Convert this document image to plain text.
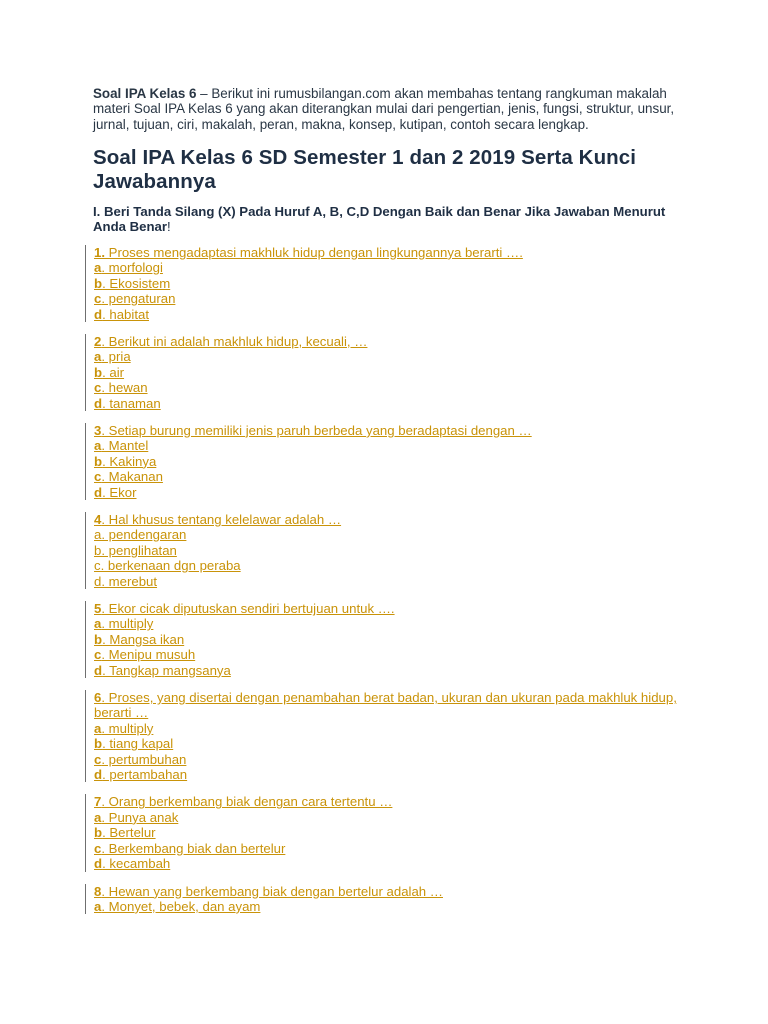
Soal IPA Kelas 6 – Berikut ini rumusbilangan.com akan membahas tentang rangkuman makalah materi Soal IPA Kelas 6 yang akan diterangkan mulai dari pengertian, jenis, fungsi, struktur, unsur, jurnal, tujuan, ciri, makalah, peran, makna, konsep, kutipan, contoh secara lengkap.

Soal IPA Kelas 6 SD Semester 1 dan 2 2019 Serta Kunci Jawabannya

I. Beri Tanda Silang (X) Pada Huruf A, B, C,D Dengan Baik dan Benar Jika Jawaban Menurut Anda Benar!

1. Proses mengadaptasi makhluk hidup dengan lingkungannya berarti ….
a. morfologi
b. Ekosistem
c. pengaturan
d. habitat
2. Berikut ini adalah makhluk hidup, kecuali, …
a. pria
b. air
c. hewan
d. tanaman
3. Setiap burung memiliki jenis paruh berbeda yang beradaptasi dengan …
a. Mantel
b. Kakinya
c. Makanan
d. Ekor
4. Hal khusus tentang kelelawar adalah …
a. pendengaran
b. penglihatan
c. berkenaan dgn peraba
d. merebut
5. Ekor cicak diputuskan sendiri bertujuan untuk ….
a. multiply
b. Mangsa ikan
c. Menipu musuh
d. Tangkap mangsanya
6. Proses, yang disertai dengan penambahan berat badan, ukuran dan ukuran pada makhluk hidup, berarti …
a. multiply
b. tiang kapal
c. pertumbuhan
d. pertambahan
7. Orang berkembang biak dengan cara tertentu …
a. Punya anak
b. Bertelur
c. Berkembang biak dan bertelur
d. kecambah
8. Hewan yang berkembang biak dengan bertelur adalah …
a. Monyet, bebek, dan ayam
